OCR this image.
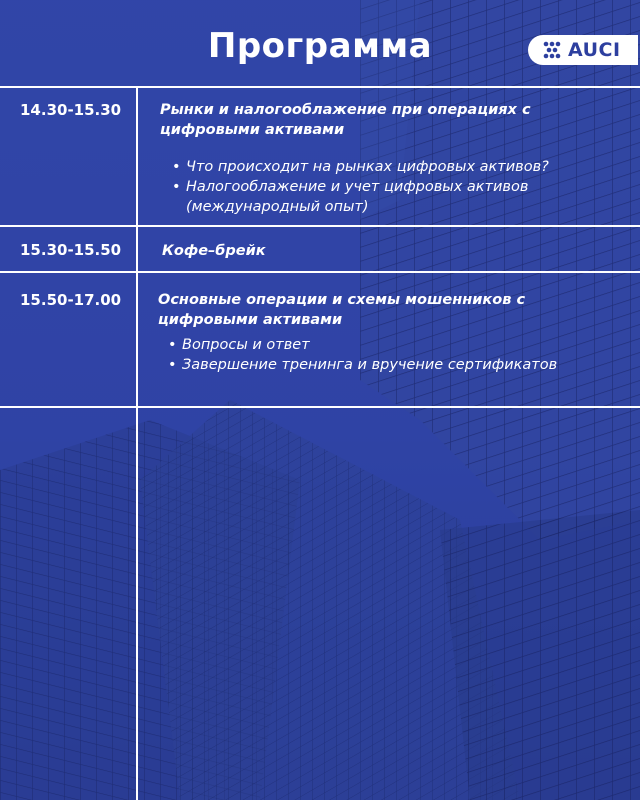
Программа	AUCI
14.30-15.30	Рынки и налогооблажение при операциях с цифровыми активами
• Что происходит на рынках цифровых активов?
• Налогооблажение и учет цифровых активов (международный опыт)
15.30-15.50	Кофе–брейк
15.50-17.00	Основные операции и схемы мошенников с цифровыми активами
• Вопросы и ответ
• Завершение тренинга и вручение сертификатов
